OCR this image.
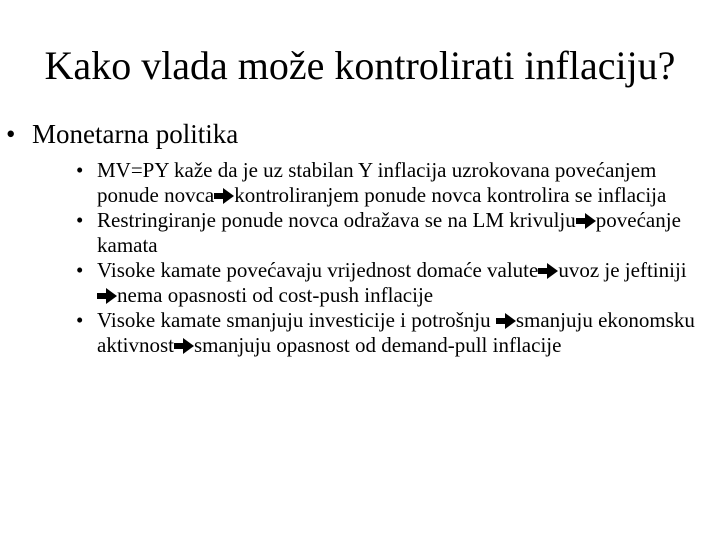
Kako vlada može kontrolirati inflaciju?
• Monetarna politika
• MV=PY kaže da je uz stabilan Y inflacija uzrokovana povećanjem ponude novca kontroliranjem ponude novca kontrolira se inflacija
• Restringiranje ponude novca odražava se na LM krivulju povećanje kamata
• Visoke kamate povećavaju vrijednost domaće valute uvoz je jeftinijinema opasnosti od cost-push inflacije
• Visoke kamate smanjuju investicije i potrošnju smanjuju ekonomsku aktivnost smanjuju opasnost od demand-pull inflacije
